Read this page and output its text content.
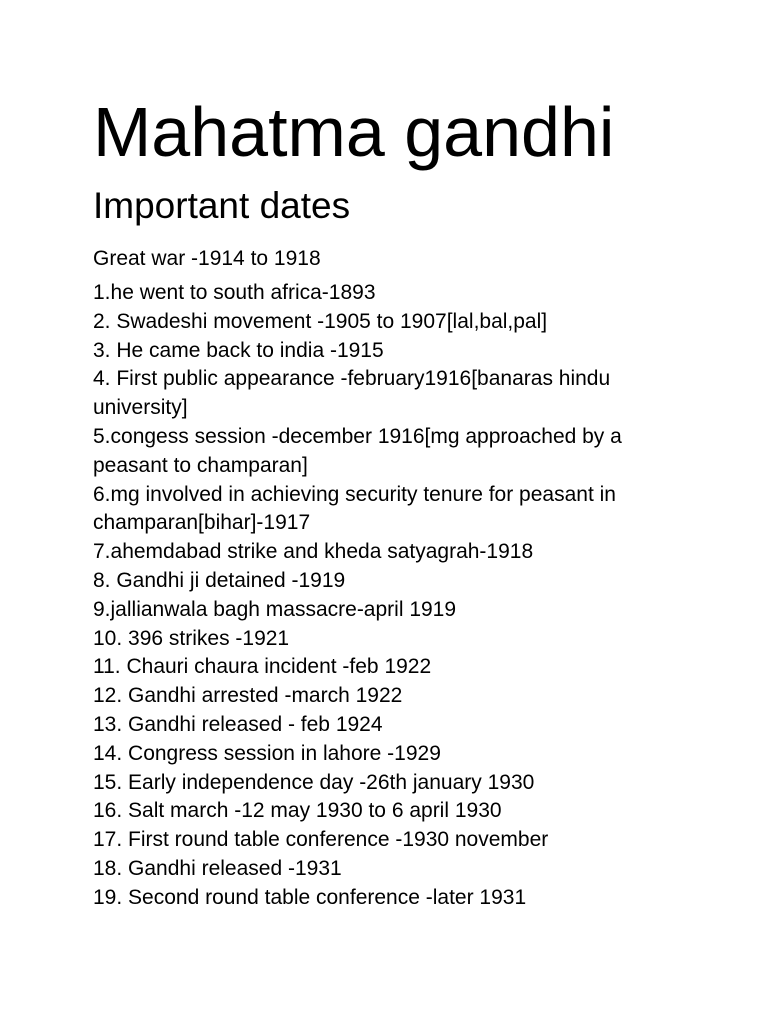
Mahatma gandhi
Important dates

Great war -1914 to 1918

1.he went to south africa-1893
2. Swadeshi movement -1905 to 1907[lal,bal,pal]
3. He came back to india -1915
4. First public appearance -february1916[banaras hindu university]
5.congess session -december 1916[mg approached by a peasant to champaran]
6.mg involved in achieving security tenure for peasant in champaran[bihar]-1917
7.ahemdabad strike and kheda satyagrah-1918
8. Gandhi ji detained -1919
9.jallianwala bagh massacre-april 1919
10. 396 strikes -1921
11. Chauri chaura incident -feb 1922
12. Gandhi arrested -march 1922
13. Gandhi released - feb 1924
14. Congress session in lahore -1929
15. Early independence day -26th january 1930
16. Salt march -12 may 1930 to 6 april 1930
17. First round table conference -1930 november
18. Gandhi released -1931
19. Second round table conference -later 1931
